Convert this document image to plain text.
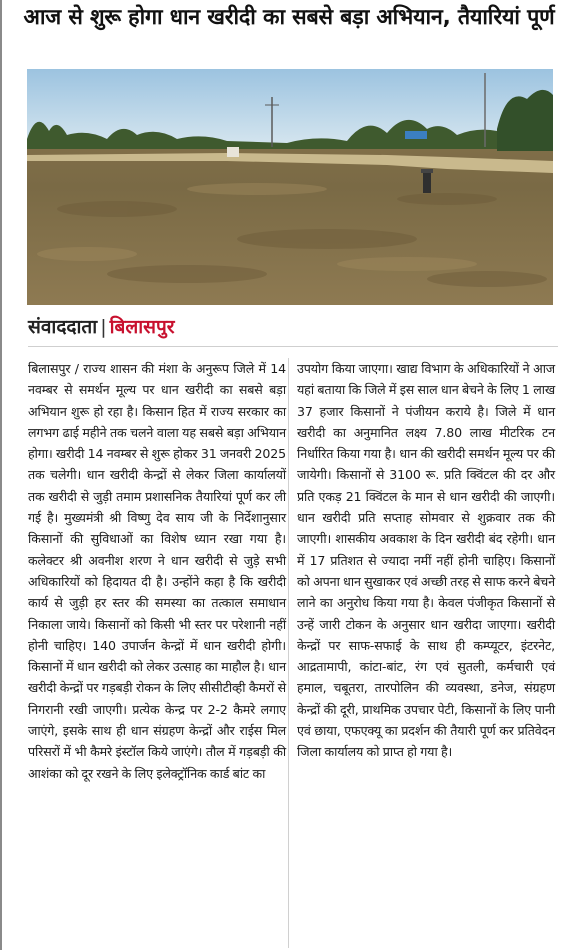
आज से शुरू होगा धान खरीदी का सबसे बड़ा अभियान, तैयारियां पूर्ण
संवाददाता | बिलासपुर
बिलासपुर / राज्य शासन की मंशा के अनुरूप जिले में 14 नवम्बर से समर्थन मूल्य पर धान खरीदी का सबसे बड़ा अभियान शुरू हो रहा है। किसान हित में राज्य सरकार का लगभग ढाई महीने तक चलने वाला यह सबसे बड़ा अभियान होगा। खरीदी 14 नवम्बर से शुरू होकर 31 जनवरी 2025 तक चलेगी। धान खरीदी केन्द्रों से लेकर जिला कार्यालयों तक खरीदी से जुड़ी तमाम प्रशासनिक तैयारियां पूर्ण कर ली गई है। मुख्यमंत्री श्री विष्णु देव साय जी के निर्देशानुसार किसानों की सुविधाओं का विशेष ध्यान रखा गया है। कलेक्टर श्री अवनीश शरण ने धान खरीदी से जुड़े सभी अधिकारियों को हिदायत दी है। उन्होंने कहा है कि खरीदी कार्य से जुड़ी हर स्तर की समस्या का तत्काल समाधान निकाला जाये। किसानों को किसी भी स्तर पर परेशानी नहीं होनी चाहिए। 140 उपार्जन केन्द्रों में धान खरीदी होगी। किसानों में धान खरीदी को लेकर उत्साह का माहौल है। धान खरीदी केन्द्रों पर गड़बड़ी रोकन के लिए सीसीटीव्ही कैमरों से निगरानी रखी जाएगी। प्रत्येक केन्द्र पर 2-2 कैमरे लगाए जाएंगे, इसके साथ ही धान संग्रहण केन्द्रों और राईस मिल परिसरों में भी कैमरे इंस्टॉल किये जाएंगे। तौल में गड़बड़ी की आशंका को दूर रखने के लिए इलेक्ट्रॉनिक कार्ड बांट का
उपयोग किया जाएगा। खाद्य विभाग के अधिकारियों ने आज यहां बताया कि जिले में इस साल धान बेचने के लिए 1 लाख 37 हजार किसानों ने पंजीयन कराये है। जिले में धान खरीदी का अनुमानित लक्ष्य 7.80 लाख मीटरिक टन निर्धारित किया गया है। धान की खरीदी समर्थन मूल्य पर की जायेगी। किसानों से 3100 रू. प्रति क्विंटल की दर और प्रति एकड़ 21 क्विंटल के मान से धान खरीदी की जाएगी। धान खरीदी प्रति सप्ताह सोमवार से शुक्रवार तक की जाएगी। शासकीय अवकाश के दिन खरीदी बंद रहेगी। धान में 17 प्रतिशत से ज्यादा नमीं नहीं होनी चाहिए। किसानों को अपना धान सुखाकर एवं अच्छी तरह से साफ करने बेचने लाने का अनुरोध किया गया है। केवल पंजीकृत किसानों से उन्हें जारी टोकन के अनुसार धान खरीदा जाएगा। खरीदी केन्द्रों पर साफ-सफाई के साथ ही कम्प्यूटर, इंटरनेट, आद्रतामापी, कांटा-बांट, रंग एवं सुतली, कर्मचारी एवं हमाल, चबूतरा, तारपोलिन की व्यवस्था, डनेज, संग्रहण केन्द्रों की दूरी, प्राथमिक उपचार पेटी, किसानों के लिए पानी एवं छाया, एफएक्यू का प्रदर्शन की तैयारी पूर्ण कर प्रतिवेदन जिला कार्यालय को प्राप्त हो गया है।
